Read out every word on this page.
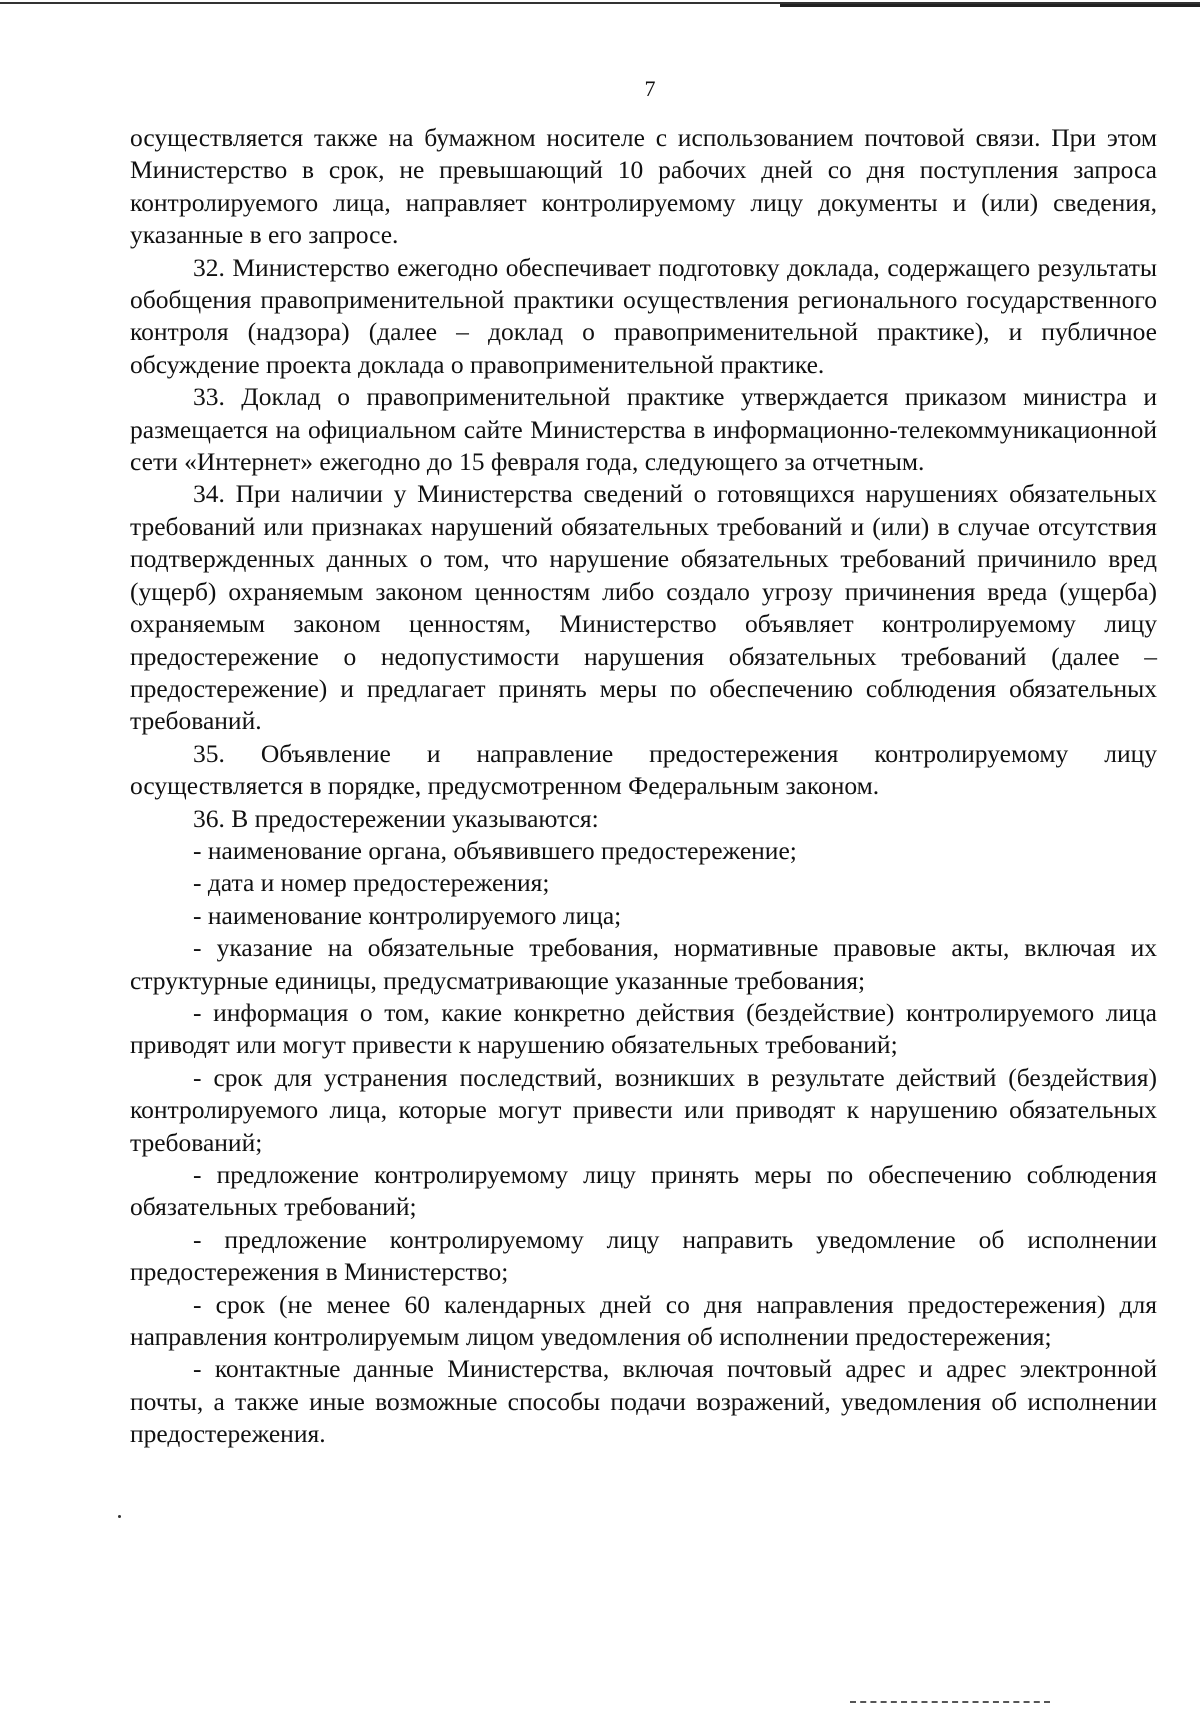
7

осуществляется также на бумажном носителе с использованием почтовой связи. При этом Министерство в срок, не превышающий 10 рабочих дней со дня поступления запроса контролируемого лица, направляет контролируемому лицу документы и (или) сведения, указанные в его запросе.

32. Министерство ежегодно обеспечивает подготовку доклада, содержащего результаты обобщения правоприменительной практики осуществления регионального государственного контроля (надзора) (далее – доклад о правоприменительной практике), и публичное обсуждение проекта доклада о правоприменительной практике.

33. Доклад о правоприменительной практике утверждается приказом министра и размещается на официальном сайте Министерства в информационно-телекоммуникационной сети «Интернет» ежегодно до 15 февраля года, следующего за отчетным.

34. При наличии у Министерства сведений о готовящихся нарушениях обязательных требований или признаках нарушений обязательных требований и (или) в случае отсутствия подтвержденных данных о том, что нарушение обязательных требований причинило вред (ущерб) охраняемым законом ценностям либо создало угрозу причинения вреда (ущерба) охраняемым законом ценностям, Министерство объявляет контролируемому лицу предостережение о недопустимости нарушения обязательных требований (далее – предостережение) и предлагает принять меры по обеспечению соблюдения обязательных требований.

35. Объявление и направление предостережения контролируемому лицу осуществляется в порядке, предусмотренном Федеральным законом.

36. В предостережении указываются:

- наименование органа, объявившего предостережение;

- дата и номер предостережения;

- наименование контролируемого лица;

- указание на обязательные требования, нормативные правовые акты, включая их структурные единицы, предусматривающие указанные требования;

- информация о том, какие конкретно действия (бездействие) контролируемого лица приводят или могут привести к нарушению обязательных требований;

- срок для устранения последствий, возникших в результате действий (бездействия) контролируемого лица, которые могут привести или приводят к нарушению обязательных требований;

- предложение контролируемому лицу принять меры по обеспечению соблюдения обязательных требований;

- предложение контролируемому лицу направить уведомление об исполнении предостережения в Министерство;

- срок (не менее 60 календарных дней со дня направления предостережения) для направления контролируемым лицом уведомления об исполнении предостережения;

- контактные данные Министерства, включая почтовый адрес и адрес электронной почты, а также иные возможные способы подачи возражений, уведомления об исполнении предостережения.
